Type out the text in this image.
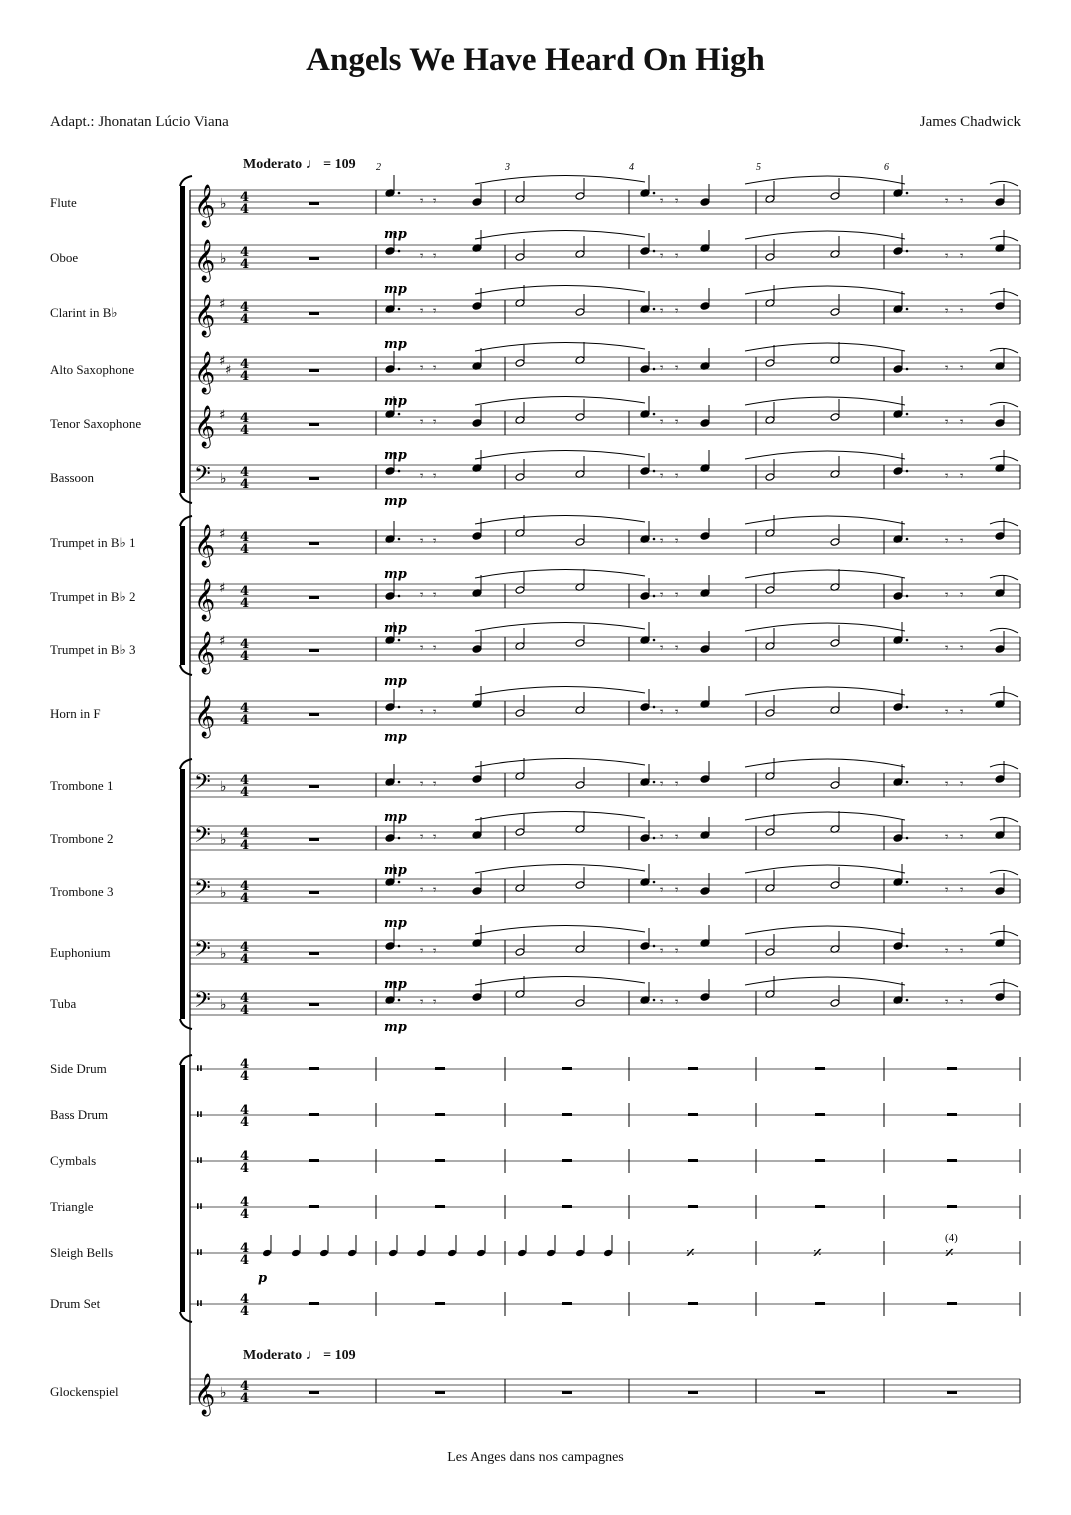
Angels We Have Heard On High
Adapt.: Jhonatan Lúcio Viana	James Chadwick
Moderato ♩ = 109
Moderato ♩ = 109
Flute
Oboe
Clarint in B♭
Alto Saxophone
Tenor Saxophone
Bassoon
Trumpet in B♭ 1
Trumpet in B♭ 2
Trumpet in B♭ 3
Horn in F
Trombone 1
Trombone 2
Trombone 3
Euphonium
Tuba
Side Drum
Bass Drum
Cymbals
Triangle
Sleigh Bells
Drum Set
Glockenspiel
2	3	4	5	6
𝄞 ♭ 4
4
𝄞 ♭ 4
4
𝄞 ♯ 4
4
𝄞 ♯
♯ 4
4
𝄞 ♯ 4
4
𝄢 ♭ 4
4
𝄞 ♯ 4
4
𝄞 ♯ 4
4
𝄞 ♯ 4
4
𝄞 4
4
𝄢 ♭ 4
4
𝄢 ♭ 4
4
𝄢 ♭ 4
4
𝄢 ♭ 4
4
𝄢 ♭ 4
4
𝄥	4
4
𝄥	4
4
𝄥	4
4
𝄥	4
4
𝄥	4
4
𝄥	4
4
𝄞 ♭ 4
4
𝄾 𝄾	𝄾 𝄾	𝄾 𝄾
mp
𝄾 𝄾	𝄾 𝄾	𝄾 𝄾
mp
𝄾 𝄾	𝄾 𝄾	𝄾 𝄾
mp
𝄾 𝄾	𝄾 𝄾	𝄾 𝄾
mp
𝄾 𝄾	𝄾 𝄾	𝄾 𝄾
mp
𝄾 𝄾	𝄾 𝄾	𝄾 𝄾
mp
𝄾 𝄾	𝄾 𝄾	𝄾 𝄾
mp
𝄾 𝄾	𝄾 𝄾	𝄾 𝄾
mp
𝄾 𝄾	𝄾 𝄾	𝄾 𝄾
mp
𝄾 𝄾	𝄾 𝄾	𝄾 𝄾
mp
𝄾 𝄾	𝄾 𝄾	𝄾 𝄾
mp
𝄾 𝄾	𝄾 𝄾	𝄾 𝄾
mp
𝄾 𝄾	𝄾 𝄾	𝄾 𝄾
mp
𝄾 𝄾	𝄾 𝄾	𝄾 𝄾
mp
𝄾 𝄾	𝄾 𝄾	𝄾 𝄾
mp
𝄎	𝄎	𝄎
(4)
p
Les Anges dans nos campagnes
